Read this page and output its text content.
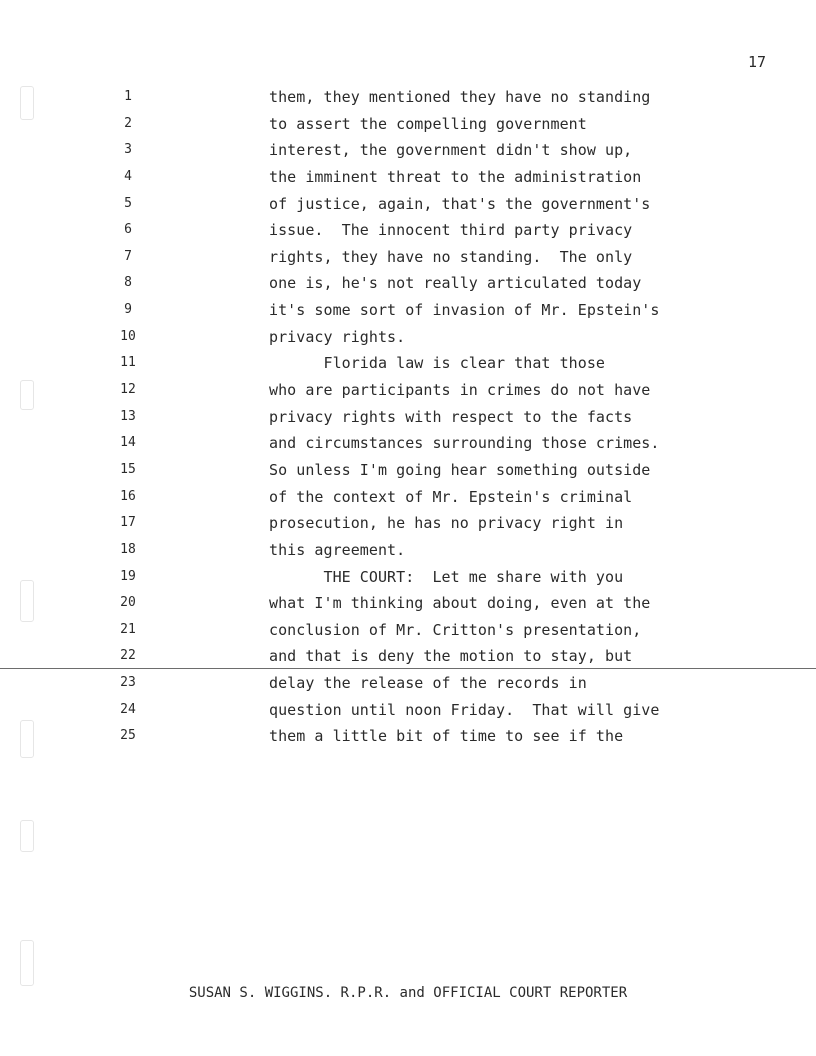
17
1	them, they mentioned they have no standing
2	to assert the compelling government
3	interest, the government didn't show up,
4	the imminent threat to the administration
5	of justice, again, that's the government's
6	issue.  The innocent third party privacy
7	rights, they have no standing.  The only
8	one is, he's not really articulated today
9	it's some sort of invasion of Mr. Epstein's
10	privacy rights.
11	Florida law is clear that those
12	who are participants in crimes do not have
13	privacy rights with respect to the facts
14	and circumstances surrounding those crimes.
15	So unless I'm going hear something outside
16	of the context of Mr. Epstein's criminal
17	prosecution, he has no privacy right in
18	this agreement.
19	THE COURT:  Let me share with you
20	what I'm thinking about doing, even at the
21	conclusion of Mr. Critton's presentation,
22	and that is deny the motion to stay, but
23	delay the release of the records in
24	question until noon Friday.  That will give
25	them a little bit of time to see if the
SUSAN S. WIGGINS. R.P.R. and OFFICIAL COURT REPORTER
